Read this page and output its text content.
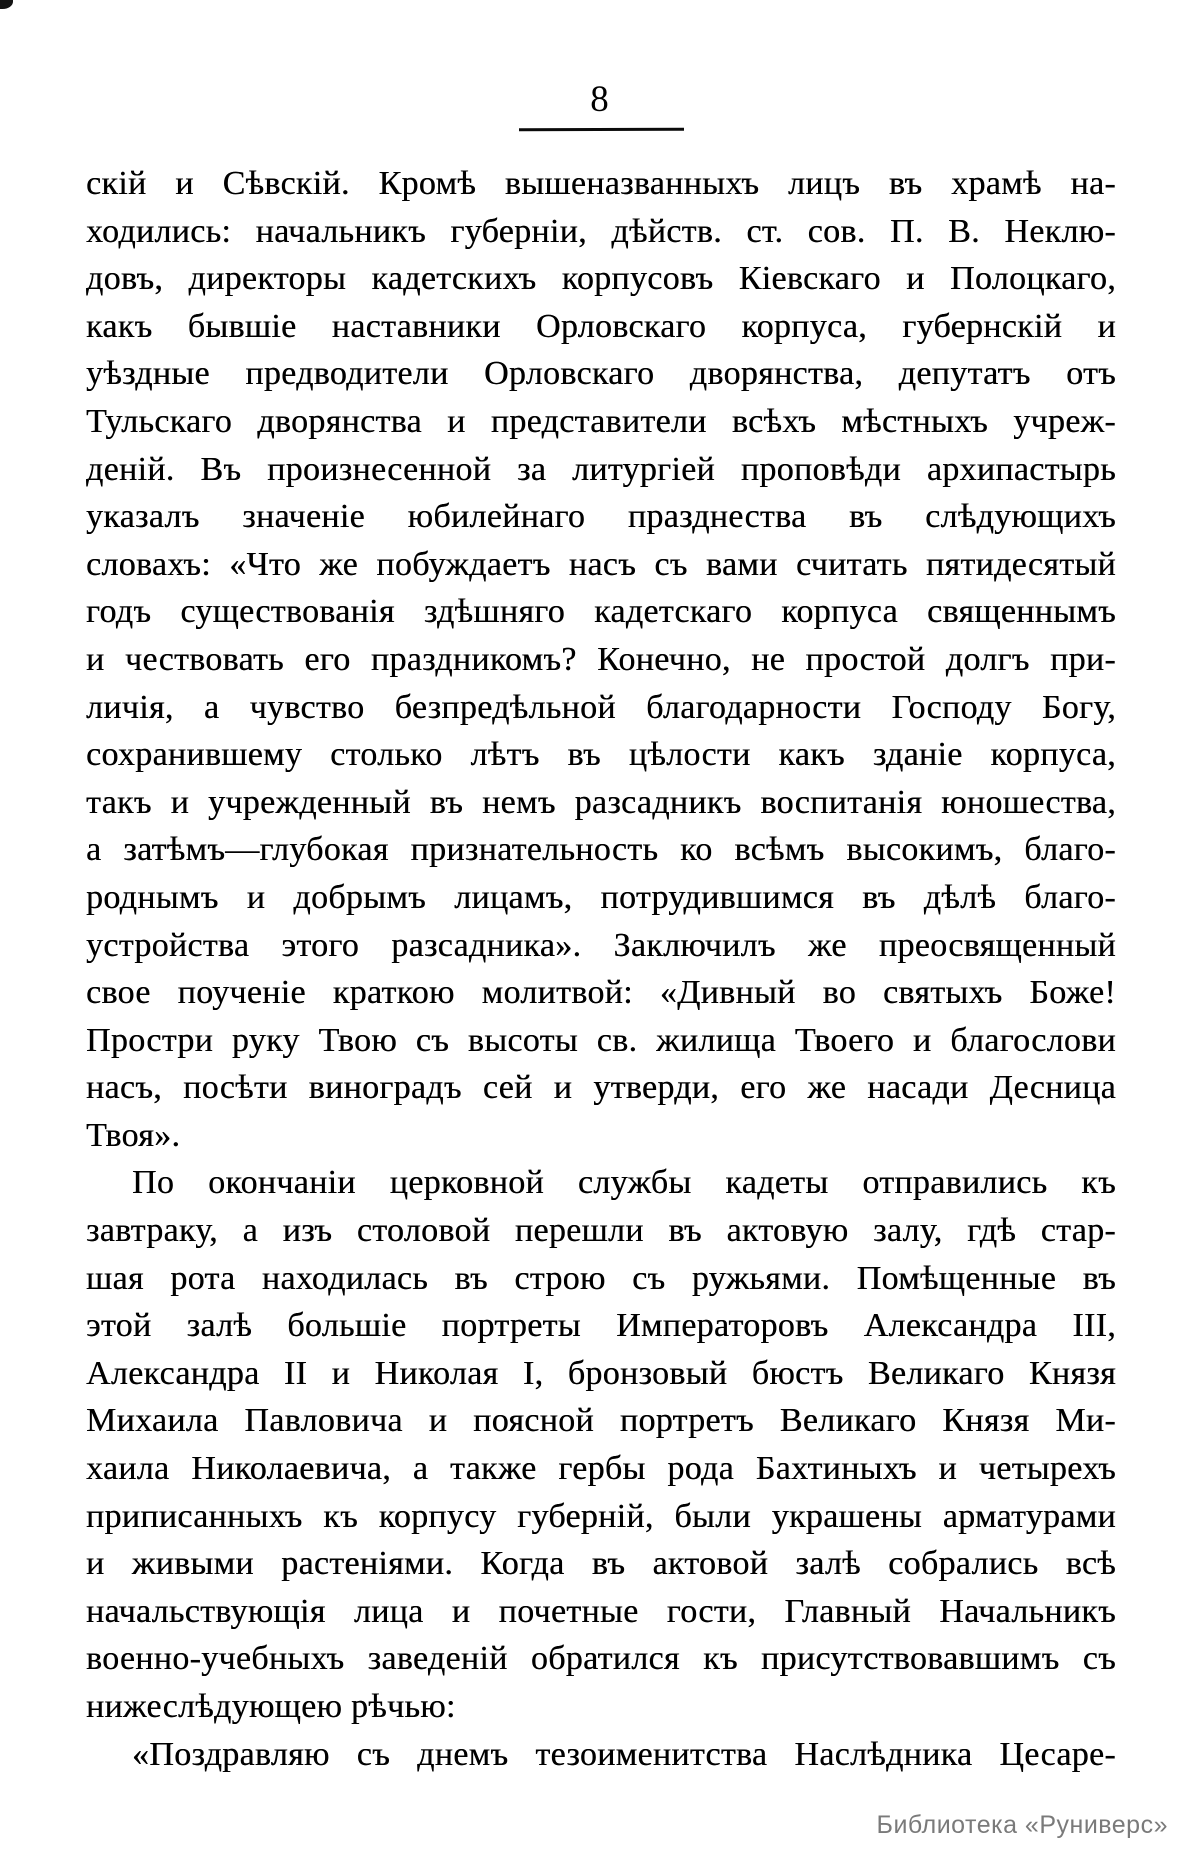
8
скій и Сѣвскій. Кромѣ вышеназванныхъ лицъ въ храмѣ на-
ходились: начальникъ губерніи, дѣйств. ст. сов. П. В. Неклю-
довъ, директоры кадетскихъ корпусовъ Кіевскаго и Полоцкаго,
какъ бывшіе наставники Орловскаго корпуса, губернскій и
уѣздные предводители Орловскаго дворянства, депутатъ отъ
Тульскаго дворянства и представители всѣхъ мѣстныхъ учреж-
деній. Въ произнесенной за литургіей проповѣди архипастырь
указалъ значеніе юбилейнаго празднества въ слѣдующихъ
словахъ: «Что же побуждаетъ насъ съ вами считать пятидесятый
годъ существованія здѣшняго кадетскаго корпуса священнымъ
и чествовать его праздникомъ? Конечно, не простой долгъ при-
личія, а чувство безпредѣльной благодарности Господу Богу,
сохранившему столько лѣтъ въ цѣлости какъ зданіе корпуса,
такъ и учрежденный въ немъ разсадникъ воспитанія юношества,
а затѣмъ—глубокая признательность ко всѣмъ высокимъ, благо-
роднымъ и добрымъ лицамъ, потрудившимся въ дѣлѣ благо-
устройства этого разсадника». Заключилъ же преосвященный
свое поученіе краткою молитвой: «Дивный во святыхъ Боже!
Простри руку Твою съ высоты св. жилища Твоего и благослови
насъ, посѣти виноградъ сей и утверди, его же насади Десница
Твоя».
По окончаніи церковной службы кадеты отправились къ
завтраку, а изъ столовой перешли въ актовую залу, гдѣ стар-
шая рота находилась въ строю съ ружьями. Помѣщенные въ
этой залѣ большіе портреты Императоровъ Александра III,
Александра II и Николая I, бронзовый бюстъ Великаго Князя
Михаила Павловича и поясной портретъ Великаго Князя Ми-
хаила Николаевича, а также гербы рода Бахтиныхъ и четырехъ
приписанныхъ къ корпусу губерній, были украшены арматурами
и живыми растеніями. Когда въ актовой залѣ собрались всѣ
начальствующія лица и почетные гости, Главный Начальникъ
военно-учебныхъ заведеній обратился къ присутствовавшимъ съ
нижеслѣдующею рѣчью:
«Поздравляю съ днемъ тезоименитства Наслѣдника Цесаре-
Библиотека «Руниверс»
